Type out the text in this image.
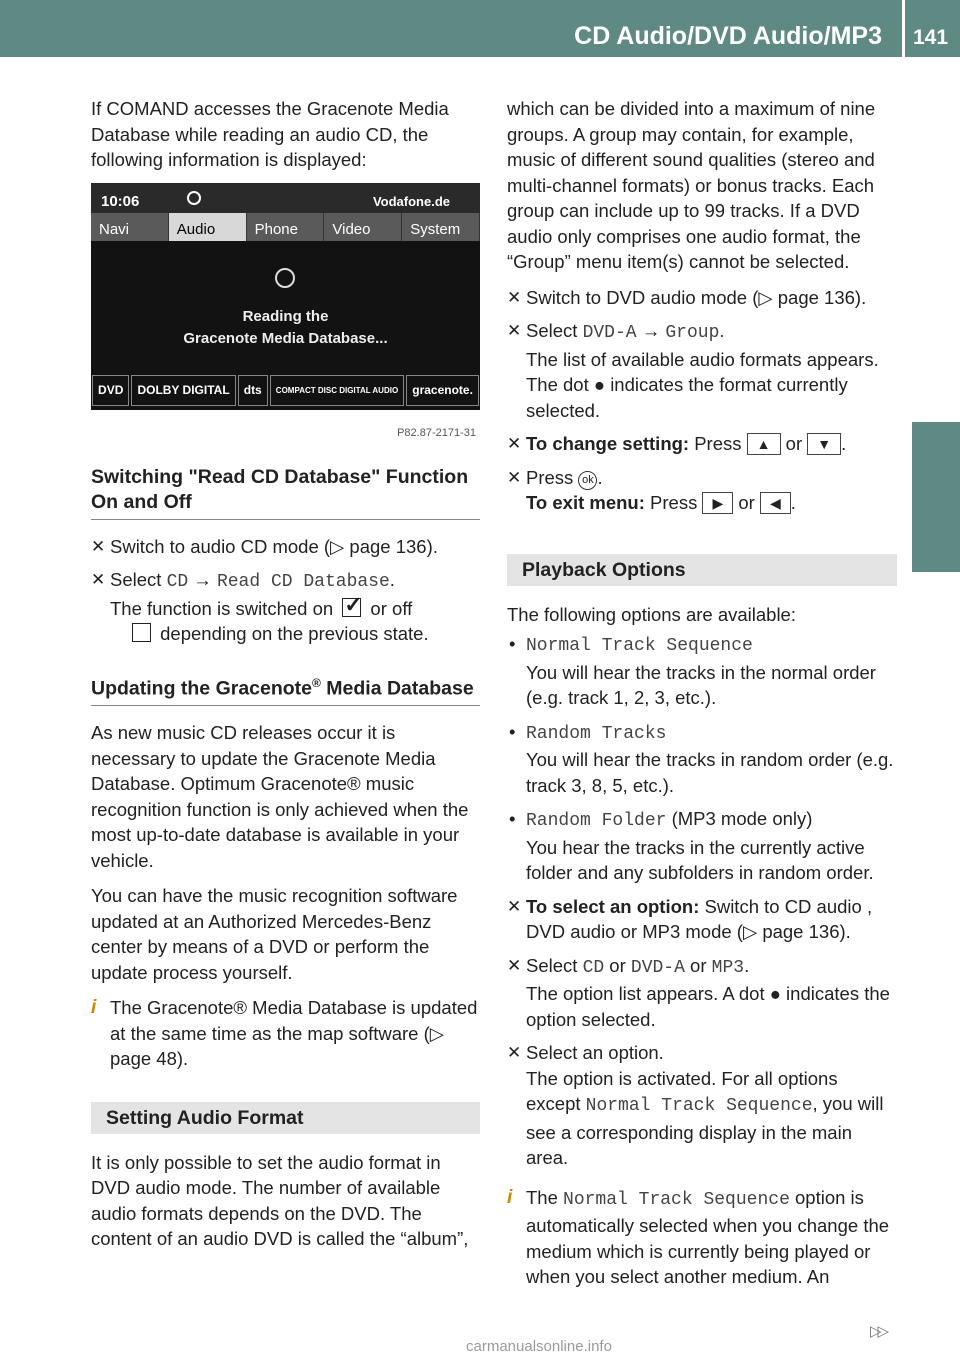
CD Audio/DVD Audio/MP3 141
Audio

If COMAND accesses the Gracenote Media Database while reading an audio CD, the following information is displayed:

10:06	Vodafone.de
Navi	Audio	Phone	Video	System
Reading the
Gracenote Media Database...
DVD	DOLBY DIGITAL	dts	COMPACT DISC DIGITAL AUDIO	gracenote.
P82.87-2171-31
Switching "Read CD Database" Function On and Off
✕ Switch to audio CD mode (▷ page 136).
✕ Select CD → Read CD Database.
The function is switched on ✓ or off
depending on the previous state.
Updating the Gracenote® Media Database

As new music CD releases occur it is necessary to update the Gracenote Media Database. Optimum Gracenote® music recognition function is only achieved when the most up-to-date database is available in your vehicle.

You can have the music recognition software updated at an Authorized Mercedes-Benz center by means of a DVD or perform the update process yourself.

i The Gracenote® Media Database is updated at the same time as the map software (▷ page 48).
Setting Audio Format

It is only possible to set the audio format in DVD audio mode. The number of available audio formats depends on the DVD. The content of an audio DVD is called the “album”,

which can be divided into a maximum of nine groups. A group may contain, for example, music of different sound qualities (stereo and multi-channel formats) or bonus tracks. Each group can include up to 99 tracks. If a DVD audio only comprises one audio format, the “Group” menu item(s) cannot be selected.

✕ Switch to DVD audio mode (▷ page 136).
✕ Select DVD-A → Group.
The list of available audio formats appears. The dot ● indicates the format currently selected.
✕ To change setting: Press ▲ or ▼ .
✕ Press ok .
To exit menu: Press ▶ or ◀ .
Playback Options

The following options are available:

• Normal Track Sequence
You will hear the tracks in the normal order (e.g. track 1, 2, 3, etc.).
• Random Tracks
You will hear the tracks in random order (e.g. track 3, 8, 5, etc.).
• Random Folder (MP3 mode only)
You hear the tracks in the currently active folder and any subfolders in random order.
✕ To select an option: Switch to CD audio , DVD audio or MP3 mode (▷ page 136).
✕ Select CD or DVD-A or MP3.
The option list appears. A dot ● indicates the option selected.
✕ Select an option.
The option is activated. For all options except Normal Track Sequence, you will see a corresponding display in the main area.
i The Normal Track Sequence option is automatically selected when you change the medium which is currently being played or when you select another medium. An
▷▷
carmanualsonline.info
